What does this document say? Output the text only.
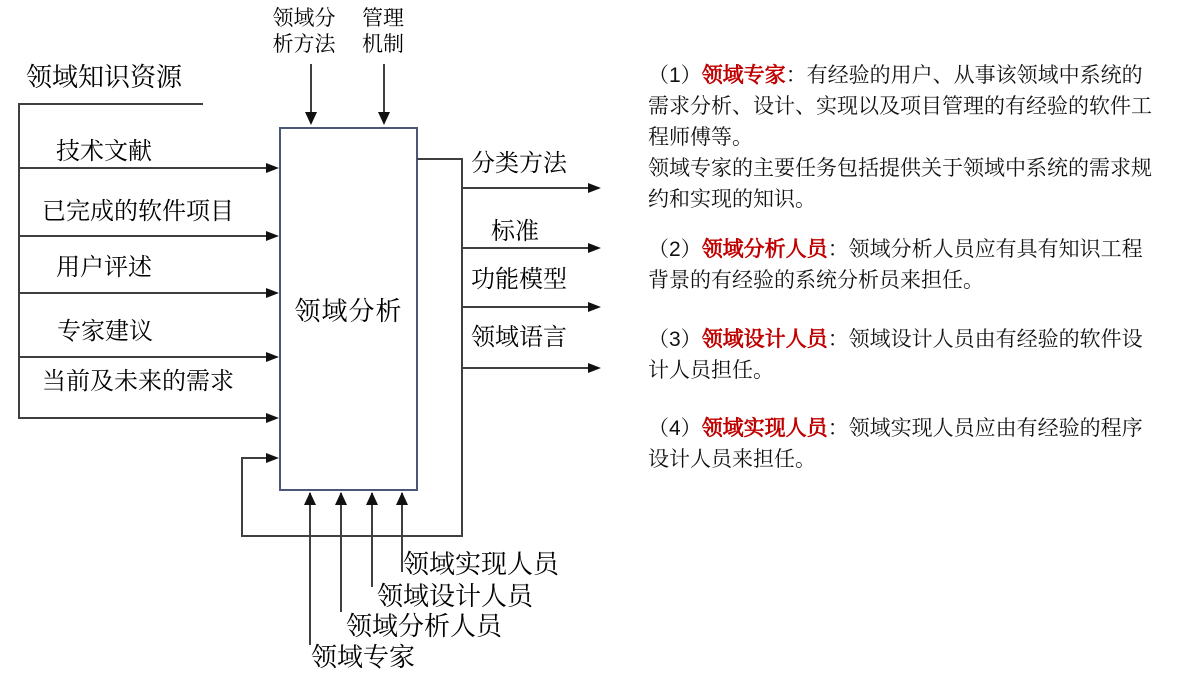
领域知识资源
技术文献
已完成的软件项目
用户评述
专家建议
当前及未来的需求
领域分
析方法
管理
机制
领域分析
分类方法
标准
功能模型
领域语言
领域实现人员
领域设计人员
领域分析人员
领域专家
（1）领域专家：有经验的用户、从事该领域中系统的
需求分析、设计、实现以及项目管理的有经验的软件工
程师傅等。
领域专家的主要任务包括提供关于领域中系统的需求规
约和实现的知识。
（2）领域分析人员：领域分析人员应有具有知识工程
背景的有经验的系统分析员来担任。
（3）领域设计人员：领域设计人员由有经验的软件设
计人员担任。
（4）领域实现人员：领域实现人员应由有经验的程序
设计人员来担任。
